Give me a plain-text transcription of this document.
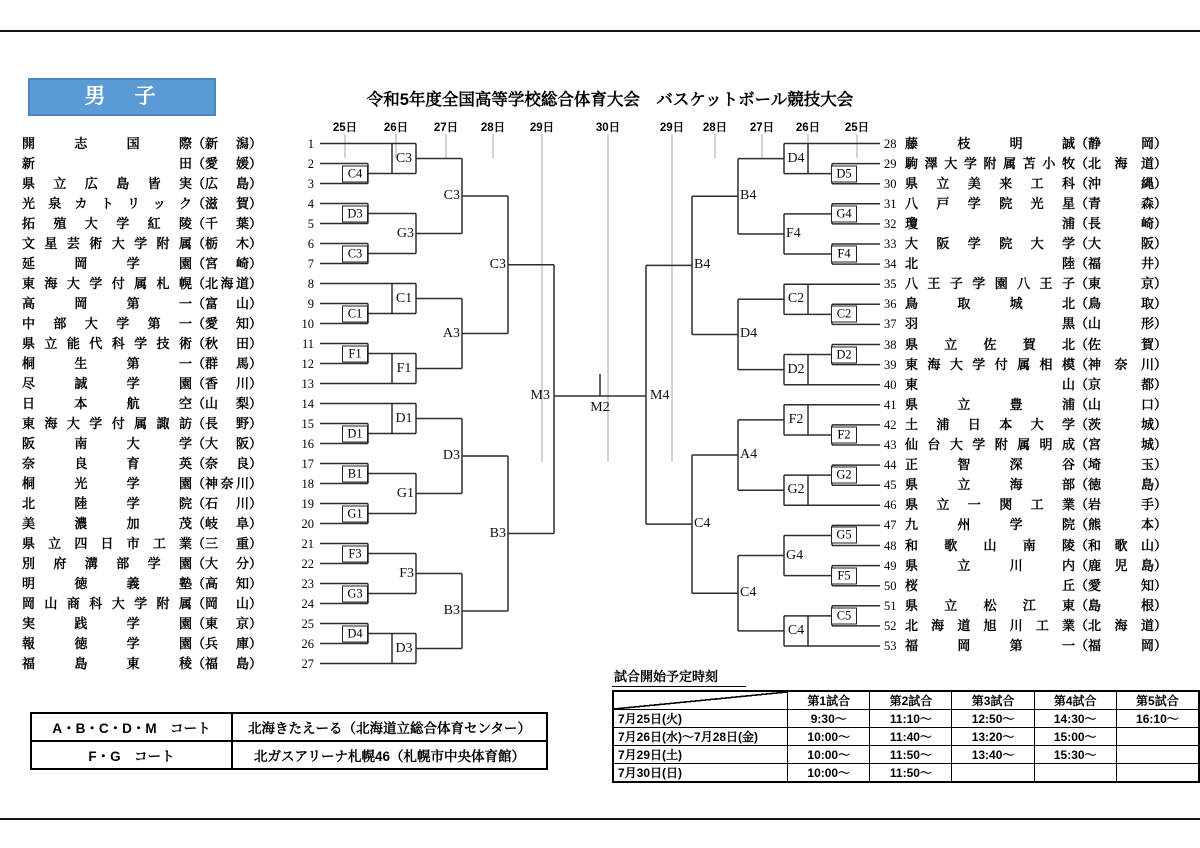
男　子	令和5年度全国高等学校総合体育大会　バスケットボール競技大会
25日 26日 27日 28日 29日	30日	29日 28日 27日 26日 25日
開志国際（新潟）	1
新田（愛媛）	2
県立広島皆実（広島）	3
光泉カトリック（滋賀）	4
拓殖大学紅陵（千葉）	5
文星芸術大学附属（栃木）	6
延岡学園（宮崎）	7
東海大学付属札幌（北海道）	8
高岡第一（富山）	9
中部大学第一（愛知）	10
県立能代科学技術（秋田）	11
桐生第一（群馬）	12
尽誠学園（香川）	13
日本航空（山梨）	14
東海大学付属諏訪（長野）	15
阪南大学（大阪）	16
奈良育英（奈良）	17
桐光学園（神奈川）	18
北陸学院（石川）	19
美濃加茂（岐阜）	20
県立四日市工業（三重）	21
別府溝部学園（大分）	22
明徳義塾（高知）	23
岡山商科大学附属（岡山）	24
実践学園（東京）	25
報徳学園（兵庫）	26
福島東稜（福島）	27
28 藤枝明誠（静岡）
29 駒澤大学附属苫小牧（北海道）
30 県立美来工科（沖縄）
31 八戸学院光星（青森）
32 瓊浦（長崎）
33 大阪学院大学（大阪）
34 北陸（福井）
35 八王子学園八王子（東京）
36 鳥取城北（鳥取）
37 羽黒（山形）
38 県立佐賀北（佐賀）
39 東海大学付属相模（神奈川）
40 東山（京都）
41 県立豊浦（山口）
42 土浦日本大学（茨城）
43 仙台大学附属明成（宮城）
44 正智深谷（埼玉）
45 県立海部（徳島）
46 県立一関工業（岩手）
47 九州学院（熊本）
48 和歌山南陵（和歌山）
49 県立川内（鹿児島）
50 桜丘（愛知）
51 県立松江東（島根）
52 北海道旭川工業（北海道）
53 福岡第一（福岡）
C4
D3
C3
C1
F1
D1
B1
G1
F3
G3
D4
C3
G3
C1
F1
D1
G1
F3
D3
C3
A3
D3
B3
C3
B3
D5
G4
F4
C2
D2
F2
G2
G5
F5
C5
D4
F4
C2
D2
F2
G2
G4
C4
B4
D4
A4
C4
B4
C4
M3	M4
M2
試合開始予定時刻
	第1試合	第2試合	第3試合	第4試合	第5試合
7月25日(火)	9:30～	11:10～	12:50～	14:30～	16:10～
7月26日(水)～7月28日(金)	10:00～	11:40～	13:20～	15:00～	
7月29日(土)	10:00～	11:50～	13:40～	15:30～	
7月30日(日)	10:00～	11:50～			
A・B・C・D・M　コート	北海きたえーる（北海道立総合体育センター）
F・G　コート	北ガスアリーナ札幌46（札幌市中央体育館）
